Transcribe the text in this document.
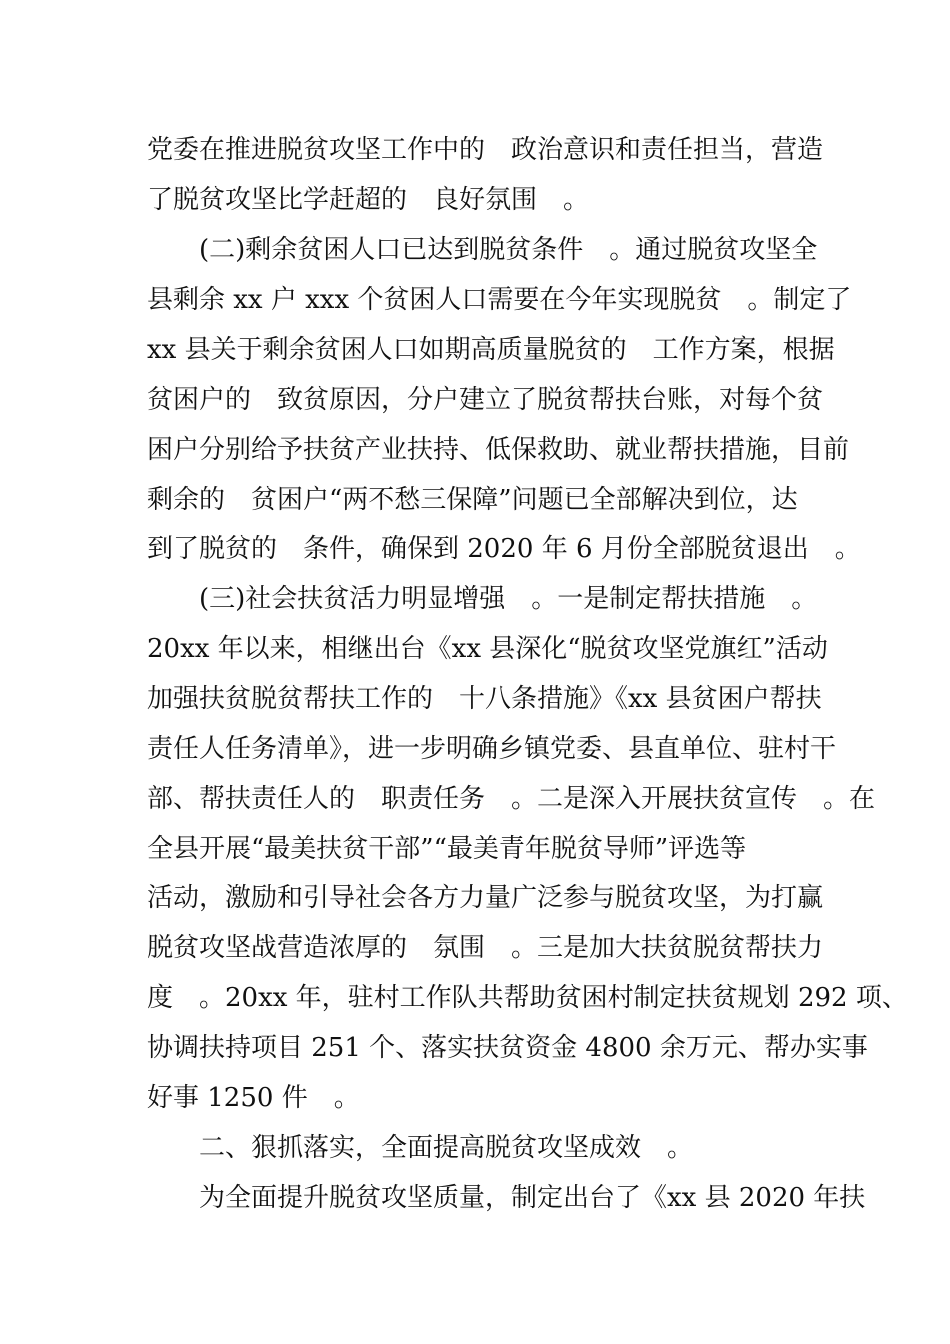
党委在推进脱贫攻坚工作中的　政治意识和责任担当，营造
了脱贫攻坚比学赶超的　良好氛围　。
　　(二)剩余贫困人口已达到脱贫条件　。通过脱贫攻坚全
县剩余 xx 户 xxx 个贫困人口需要在今年实现脱贫　。制定了
xx 县关于剩余贫困人口如期高质量脱贫的　工作方案，根据
贫困户的　致贫原因，分户建立了脱贫帮扶台账，对每个贫
困户分别给予扶贫产业扶持、低保救助、就业帮扶措施，目前
剩余的　贫困户“两不愁三保障”问题已全部解决到位，达
到了脱贫的　条件，确保到 2020 年 6 月份全部脱贫退出　。
　　(三)社会扶贫活力明显增强　。一是制定帮扶措施　。
20xx 年以来，相继出台《xx 县深化“脱贫攻坚党旗红”活动
加强扶贫脱贫帮扶工作的　十八条措施》《xx 县贫困户帮扶
责任人任务清单》，进一步明确乡镇党委、县直单位、驻村干
部、帮扶责任人的　职责任务　。二是深入开展扶贫宣传　。在
全县开展“最美扶贫干部”“最美青年脱贫导师”评选等
活动，激励和引导社会各方力量广泛参与脱贫攻坚，为打赢
脱贫攻坚战营造浓厚的　氛围　。三是加大扶贫脱贫帮扶力
度　。20xx 年，驻村工作队共帮助贫困村制定扶贫规划 292 项、
协调扶持项目 251 个、落实扶贫资金 4800 余万元、帮办实事
好事 1250 件　。
　　二、狠抓落实，全面提高脱贫攻坚成效　。
　　为全面提升脱贫攻坚质量，制定出台了《xx 县 2020 年扶
